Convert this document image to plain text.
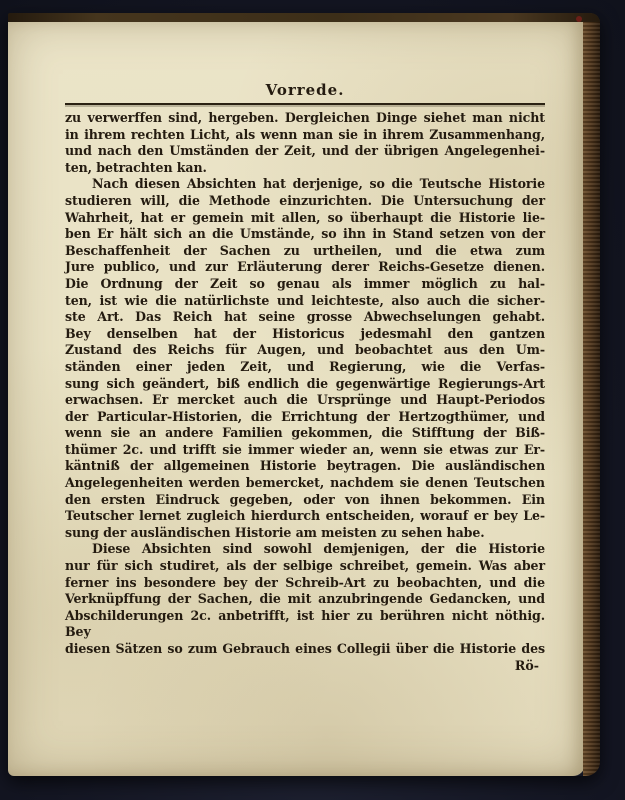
Vorrede.
zu verwerffen sind, hergeben. Dergleichen Dinge siehet man nicht
in ihrem rechten Licht, als wenn man sie in ihrem Zusammenhang,
und nach den Umständen der Zeit, und der übrigen Angelegenhei-
ten, betrachten kan.
Nach diesen Absichten hat derjenige, so die Teutsche Historie
studieren will, die Methode einzurichten. Die Untersuchung der
Wahrheit, hat er gemein mit allen, so überhaupt die Historie lie-
ben Er hält sich an die Umstände, so ihn in Stand setzen von der
Beschaffenheit der Sachen zu urtheilen, und die etwa zum
Jure publico, und zur Erläuterung derer Reichs-Gesetze dienen.
Die Ordnung der Zeit so genau als immer möglich zu hal-
ten, ist wie die natürlichste und leichteste, also auch die sicher-
ste Art. Das Reich hat seine grosse Abwechselungen gehabt.
Bey denselben hat der Historicus jedesmahl den gantzen
Zustand des Reichs für Augen, und beobachtet aus den Um-
ständen einer jeden Zeit, und Regierung, wie die Verfas-
sung sich geändert, biß endlich die gegenwärtige Regierungs-Art
erwachsen. Er mercket auch die Ursprünge und Haupt-Periodos
der Particular-Historien, die Errichtung der Hertzogthümer, und
wenn sie an andere Familien gekommen, die Stifftung der Biß-
thümer 2c. und trifft sie immer wieder an, wenn sie etwas zur Er-
käntniß der allgemeinen Historie beytragen. Die ausländischen
Angelegenheiten werden bemercket, nachdem sie denen Teutschen
den ersten Eindruck gegeben, oder von ihnen bekommen. Ein
Teutscher lernet zugleich hierdurch entscheiden, worauf er bey Le-
sung der ausländischen Historie am meisten zu sehen habe.
Diese Absichten sind sowohl demjenigen, der die Historie
nur für sich studiret, als der selbige schreibet, gemein. Was aber
ferner ins besondere bey der Schreib-Art zu beobachten, und die
Verknüpffung der Sachen, die mit anzubringende Gedancken, und
Abschilderungen 2c. anbetrifft, ist hier zu berühren nicht nöthig. Bey
diesen Sätzen so zum Gebrauch eines Collegii über die Historie des
Rö-
